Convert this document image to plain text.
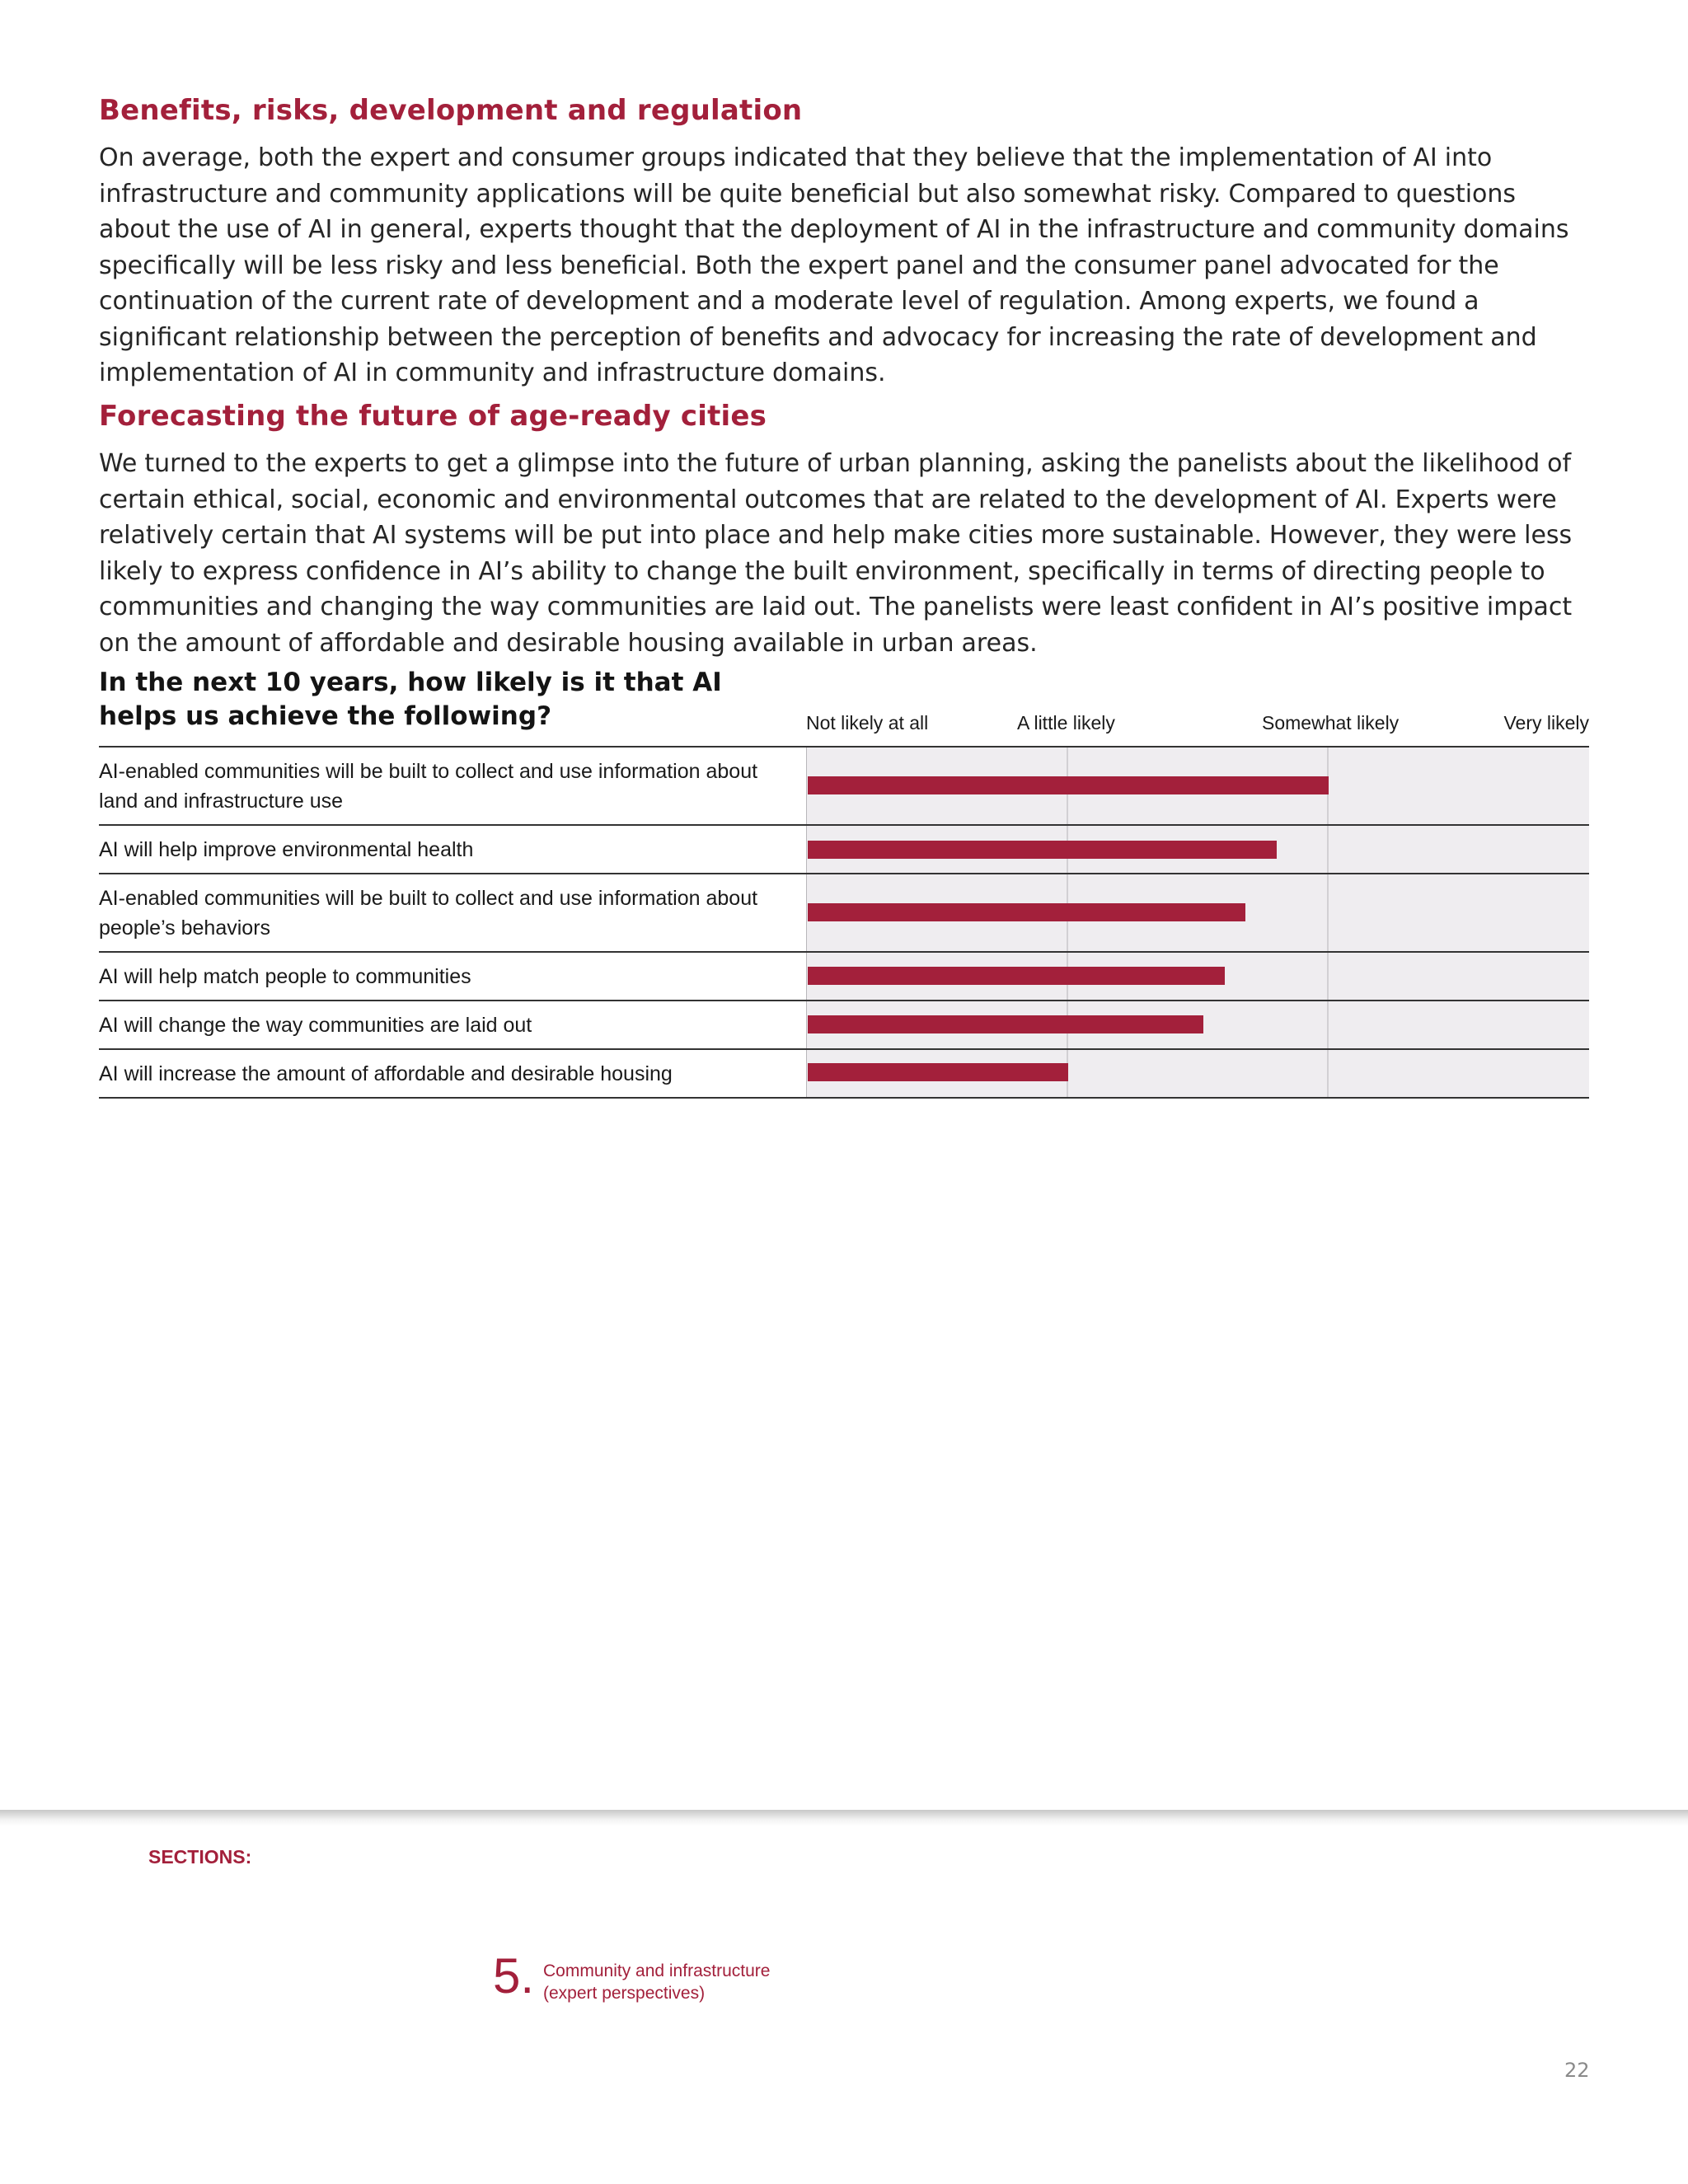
Benefits, risks, development and regulation

On average, both the expert and consumer groups indicated that they believe that the implementation of AI into infrastructure and community applications will be quite beneficial but also somewhat risky. Compared to questions about the use of AI in general, experts thought that the deployment of AI in the infrastructure and community domains specifically will be less risky and less beneficial. Both the expert panel and the consumer panel advocated for the continuation of the current rate of development and a moderate level of regulation. Among experts, we found a significant relationship between the perception of benefits and advocacy for increasing the rate of development and implementation of AI in community and infrastructure domains.

Forecasting the future of age-ready cities

We turned to the experts to get a glimpse into the future of urban planning, asking the panelists about the likelihood of certain ethical, social, economic and environmental outcomes that are related to the development of AI. Experts were relatively certain that AI systems will be put into place and help make cities more sustainable. However, they were less likely to express confidence in AI’s ability to change the built environment, specifically in terms of directing people to communities and changing the way communities are laid out. The panelists were least confident in AI’s positive impact on the amount of affordable and desirable housing available in urban areas.

In the next 10 years, how likely is it that AI helps us achieve the following?	Not likely at all	A little likely	Somewhat likely	Very likely
AI-enabled communities will be built to collect and use information about land and infrastructure use
AI will help improve environmental health
AI-enabled communities will be built to collect and use information about people’s behaviors
AI will help match people to communities
AI will change the way communities are laid out
AI will increase the amount of affordable and desirable housing
SECTIONS:
5. Community and infrastructure
(expert perspectives)
22
